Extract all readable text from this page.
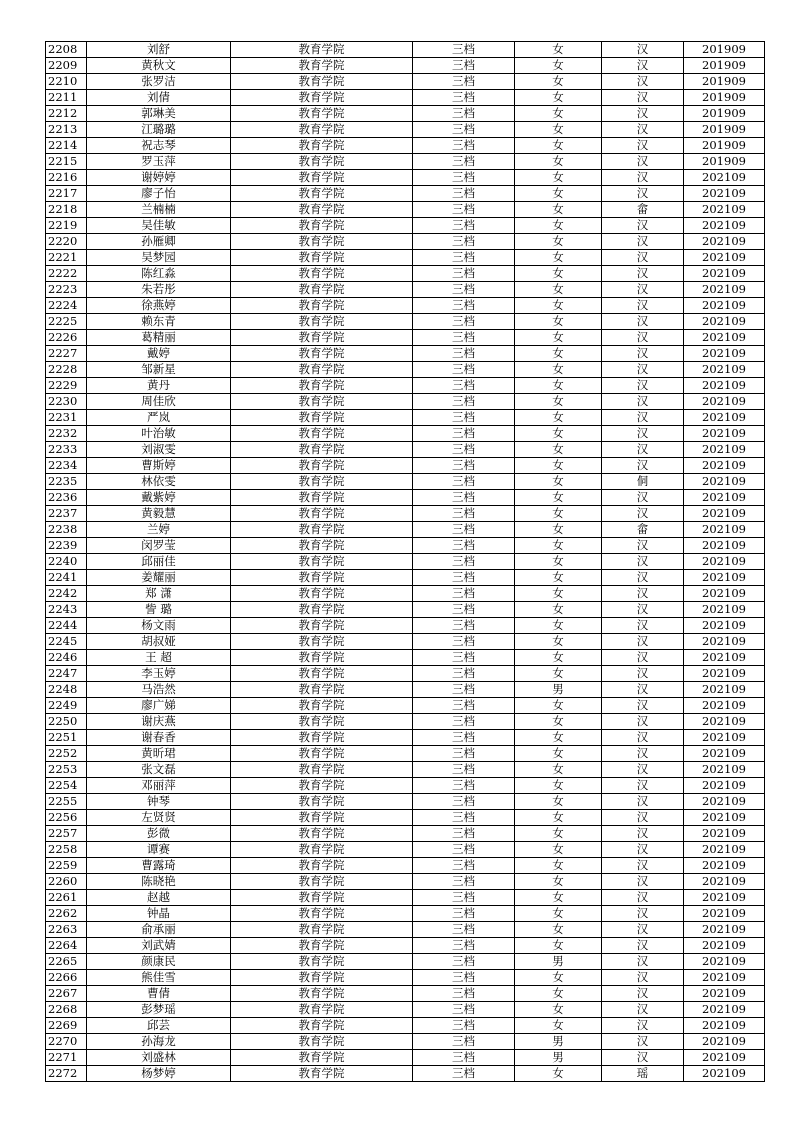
2208	刘舒	教育学院	三档	女	汉	201909
2209	黄秋文	教育学院	三档	女	汉	201909
2210	张罗洁	教育学院	三档	女	汉	201909
2211	刘倩	教育学院	三档	女	汉	201909
2212	郭琳美	教育学院	三档	女	汉	201909
2213	江璐璐	教育学院	三档	女	汉	201909
2214	祝志琴	教育学院	三档	女	汉	201909
2215	罗玉萍	教育学院	三档	女	汉	201909
2216	谢婷婷	教育学院	三档	女	汉	202109
2217	廖子怡	教育学院	三档	女	汉	202109
2218	兰楠楠	教育学院	三档	女	畲	202109
2219	吴佳敏	教育学院	三档	女	汉	202109
2220	孙雁卿	教育学院	三档	女	汉	202109
2221	吴梦园	教育学院	三档	女	汉	202109
2222	陈红淼	教育学院	三档	女	汉	202109
2223	朱若彤	教育学院	三档	女	汉	202109
2224	徐燕婷	教育学院	三档	女	汉	202109
2225	赖东青	教育学院	三档	女	汉	202109
2226	葛精丽	教育学院	三档	女	汉	202109
2227	戴婷	教育学院	三档	女	汉	202109
2228	邹新星	教育学院	三档	女	汉	202109
2229	黄丹	教育学院	三档	女	汉	202109
2230	周佳欣	教育学院	三档	女	汉	202109
2231	严岚	教育学院	三档	女	汉	202109
2232	叶治敏	教育学院	三档	女	汉	202109
2233	刘淑雯	教育学院	三档	女	汉	202109
2234	曹斯婷	教育学院	三档	女	汉	202109
2235	林依雯	教育学院	三档	女	侗	202109
2236	戴紫婷	教育学院	三档	女	汉	202109
2237	黄毅慧	教育学院	三档	女	汉	202109
2238	兰婷	教育学院	三档	女	畲	202109
2239	闵罗莹	教育学院	三档	女	汉	202109
2240	邱丽佳	教育学院	三档	女	汉	202109
2241	姜耀丽	教育学院	三档	女	汉	202109
2242	郑 潇	教育学院	三档	女	汉	202109
2243	訾 璐	教育学院	三档	女	汉	202109
2244	杨文雨	教育学院	三档	女	汉	202109
2245	胡叔娅	教育学院	三档	女	汉	202109
2246	王 超	教育学院	三档	女	汉	202109
2247	李玉婷	教育学院	三档	女	汉	202109
2248	马浩然	教育学院	三档	男	汉	202109
2249	廖广娣	教育学院	三档	女	汉	202109
2250	谢庆燕	教育学院	三档	女	汉	202109
2251	谢春香	教育学院	三档	女	汉	202109
2252	黄昕珺	教育学院	三档	女	汉	202109
2253	张文磊	教育学院	三档	女	汉	202109
2254	邓丽萍	教育学院	三档	女	汉	202109
2255	钟琴	教育学院	三档	女	汉	202109
2256	左贤贤	教育学院	三档	女	汉	202109
2257	彭微	教育学院	三档	女	汉	202109
2258	谭赛	教育学院	三档	女	汉	202109
2259	曹露琦	教育学院	三档	女	汉	202109
2260	陈晓艳	教育学院	三档	女	汉	202109
2261	赵越	教育学院	三档	女	汉	202109
2262	钟晶	教育学院	三档	女	汉	202109
2263	俞承丽	教育学院	三档	女	汉	202109
2264	刘武婧	教育学院	三档	女	汉	202109
2265	颜康民	教育学院	三档	男	汉	202109
2266	熊佳雪	教育学院	三档	女	汉	202109
2267	曹倩	教育学院	三档	女	汉	202109
2268	彭梦瑶	教育学院	三档	女	汉	202109
2269	邱芸	教育学院	三档	女	汉	202109
2270	孙海龙	教育学院	三档	男	汉	202109
2271	刘盛林	教育学院	三档	男	汉	202109
2272	杨梦婷	教育学院	三档	女	瑶	202109
